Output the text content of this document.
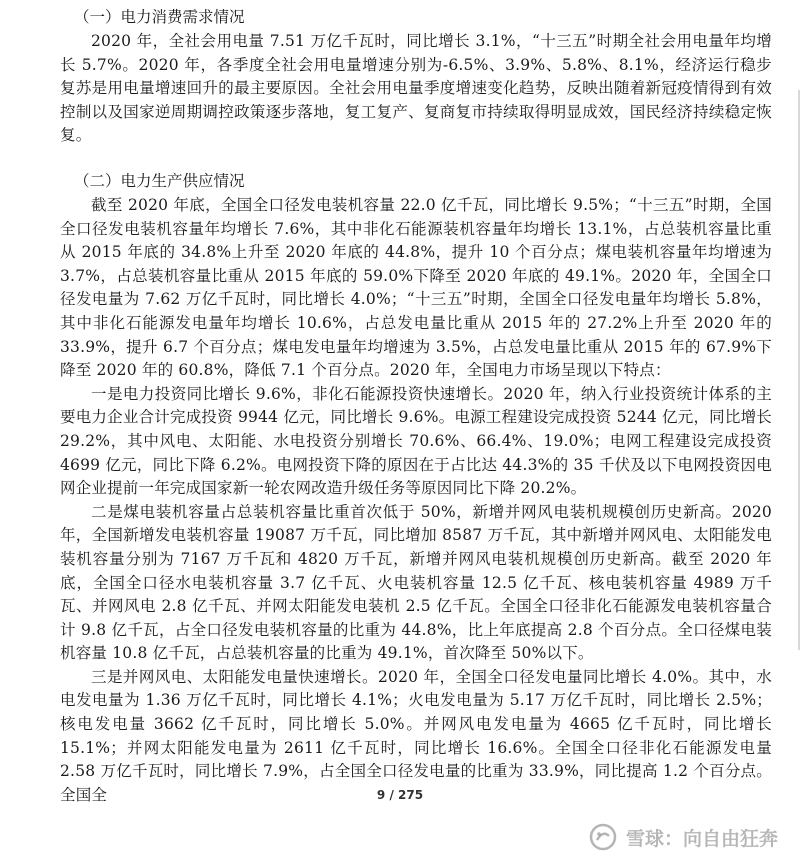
（一）电力消费需求情况

2020 年，全社会用电量 7.51 万亿千瓦时，同比增长 3.1%，“十三五”时期全社会用电量年均增长 5.7%。2020 年，各季度全社会用电量增速分别为-6.5%、3.9%、5.8%、8.1%，经济运行稳步复苏是用电量增速回升的最主要原因。全社会用电量季度增速变化趋势，反映出随着新冠疫情得到有效控制以及国家逆周期调控政策逐步落地，复工复产、复商复市持续取得明显成效，国民经济持续稳定恢复。

（二）电力生产供应情况

截至 2020 年底，全国全口径发电装机容量 22.0 亿千瓦，同比增长 9.5%；“十三五”时期，全国全口径发电装机容量年均增长 7.6%，其中非化石能源装机容量年均增长 13.1%，占总装机容量比重从 2015 年底的 34.8%上升至 2020 年底的 44.8%，提升 10 个百分点；煤电装机容量年均增速为 3.7%，占总装机容量比重从 2015 年底的 59.0%下降至 2020 年底的 49.1%。2020 年，全国全口径发电量为 7.62 万亿千瓦时，同比增长 4.0%；“十三五”时期，全国全口径发电量年均增长 5.8%，其中非化石能源发电量年均增长 10.6%，占总发电量比重从 2015 年的 27.2%上升至 2020 年的 33.9%，提升 6.7 个百分点；煤电发电量年均增速为 3.5%，占总发电量比重从 2015 年的 67.9%下降至 2020 年的 60.8%，降低 7.1 个百分点。2020 年，全国电力市场呈现以下特点：

一是电力投资同比增长 9.6%，非化石能源投资快速增长。2020 年，纳入行业投资统计体系的主要电力企业合计完成投资 9944 亿元，同比增长 9.6%。电源工程建设完成投资 5244 亿元，同比增长 29.2%，其中风电、太阳能、水电投资分别增长 70.6%、66.4%、19.0%；电网工程建设完成投资 4699 亿元，同比下降 6.2%。电网投资下降的原因在于占比达 44.3%的 35 千伏及以下电网投资因电网企业提前一年完成国家新一轮农网改造升级任务等原因同比下降 20.2%。

二是煤电装机容量占总装机容量比重首次低于 50%，新增并网风电装机规模创历史新高。2020 年，全国新增发电装机容量 19087 万千瓦，同比增加 8587 万千瓦，其中新增并网风电、太阳能发电装机容量分别为 7167 万千瓦和 4820 万千瓦，新增并网风电装机规模创历史新高。截至 2020 年底，全国全口径水电装机容量 3.7 亿千瓦、火电装机容量 12.5 亿千瓦、核电装机容量 4989 万千瓦、并网风电 2.8 亿千瓦、并网太阳能发电装机 2.5 亿千瓦。全国全口径非化石能源发电装机容量合计 9.8 亿千瓦，占全口径发电装机容量的比重为 44.8%，比上年底提高 2.8 个百分点。全口径煤电装机容量 10.8 亿千瓦，占总装机容量的比重为 49.1%，首次降至 50%以下。

三是并网风电、太阳能发电量快速增长。2020 年，全国全口径发电量同比增长 4.0%。其中，水电发电量为 1.36 万亿千瓦时，同比增长 4.1%；火电发电量为 5.17 万亿千瓦时，同比增长 2.5%；核电发电量 3662 亿千瓦时，同比增长 5.0%。并网风电发电量为 4665 亿千瓦时，同比增长 15.1%；并网太阳能发电量为 2611 亿千瓦时，同比增长 16.6%。全国全口径非化石能源发电量 2.58 万亿千瓦时，同比增长 7.9%，占全国全口径发电量的比重为 33.9%，同比提高 1.2 个百分点。全国全	9 / 275
雪球：向自由狂奔
